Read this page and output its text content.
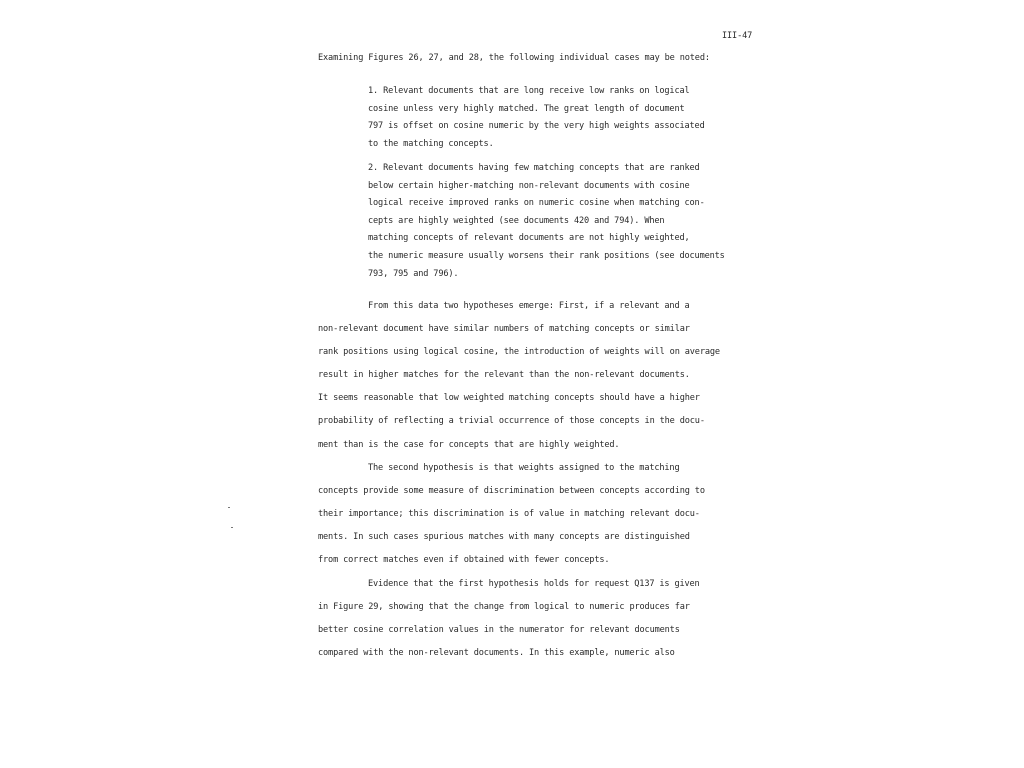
III-47
Examining Figures 26, 27, and 28, the following individual cases may be noted:
1. Relevant documents that are long receive low ranks on logical
cosine unless very highly matched. The great length of document
797 is offset on cosine numeric by the very high weights associated
to the matching concepts.
2. Relevant documents having few matching concepts that are ranked
below certain higher-matching non-relevant documents with cosine
logical receive improved ranks on numeric cosine when matching con-
cepts are highly weighted (see documents 420 and 794). When
matching concepts of relevant documents are not highly weighted,
the numeric measure usually worsens their rank positions (see documents
793, 795 and 796).
From this data two hypotheses emerge: First, if a relevant and a
non-relevant document have similar numbers of matching concepts or similar
rank positions using logical cosine, the introduction of weights will on average
result in higher matches for the relevant than the non-relevant documents.
It seems reasonable that low weighted matching concepts should have a higher
probability of reflecting a trivial occurrence of those concepts in the docu-
ment than is the case for concepts that are highly weighted.
The second hypothesis is that weights assigned to the matching
concepts provide some measure of discrimination between concepts according to
their importance; this discrimination is of value in matching relevant docu-
ments. In such cases spurious matches with many concepts are distinguished
from correct matches even if obtained with fewer concepts.
Evidence that the first hypothesis holds for request Q137 is given
in Figure 29, showing that the change from logical to numeric produces far
better cosine correlation values in the numerator for relevant documents
compared with the non-relevant documents. In this example, numeric also
